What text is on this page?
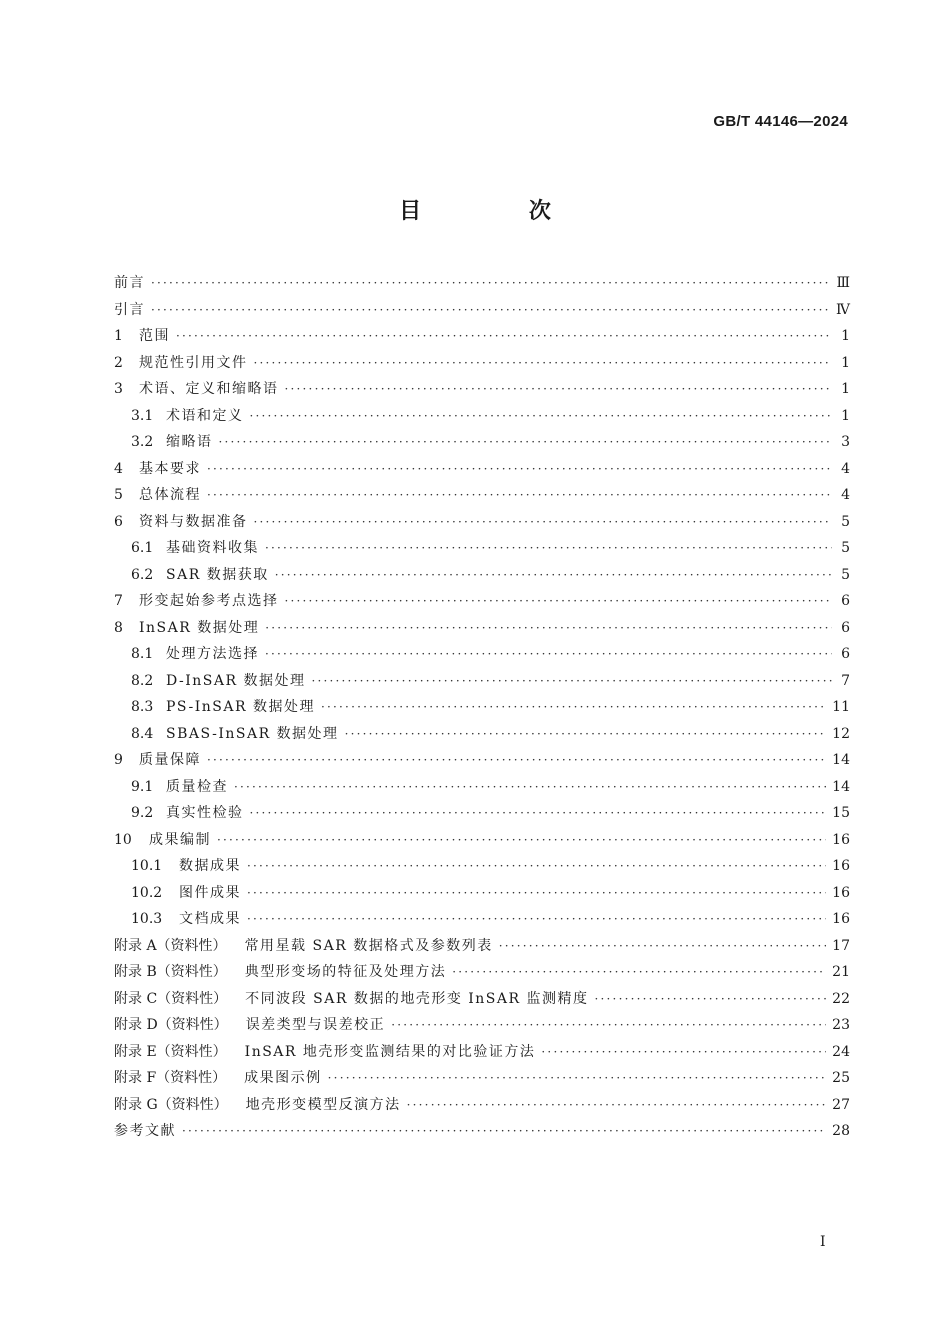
GB/T 44146—2024
目 次
前言 ·····	Ⅲ
引言 ·····	Ⅳ
1	范围 ·····	1
2	规范性引用文件 ·····	1
3	术语、定义和缩略语 ·····	1
3.1 术语和定义 ·····	1
3.2 缩略语 ·····	3
4	基本要求 ·····	4
5	总体流程 ·····	4
6	资料与数据准备 ·····	5
6.1 基础资料收集 ·····	5
6.2 SAR 数据获取 ·····	5
7	形变起始参考点选择 ·····	6
8	InSAR 数据处理 ·····	6
8.1 处理方法选择 ·····	6
8.2 D-InSAR 数据处理 ·····	7
8.3 PS-InSAR 数据处理 ·····	11
8.4 SBAS-InSAR 数据处理 ·····	12
9	质量保障 ·····	14
9.1 质量检查 ·····	14
9.2 真实性检验 ·····	15
10	成果编制 ·····	16
10.1	数据成果 ·····	16
10.2	图件成果 ·····	16
10.3	文档成果 ·····	16
附录 A（资料性） 常用星载 SAR 数据格式及参数列表 ·····	17
附录 B（资料性） 典型形变场的特征及处理方法 ·····	21
附录 C（资料性） 不同波段 SAR 数据的地壳形变 InSAR 监测精度 ·····	22
附录 D（资料性） 误差类型与误差校正 ·····	23
附录 E（资料性） InSAR 地壳形变监测结果的对比验证方法 ·····	24
附录 F（资料性） 成果图示例 ·····	25
附录 G（资料性） 地壳形变模型反演方法 ·····	27
参考文献 ·····	28
I
